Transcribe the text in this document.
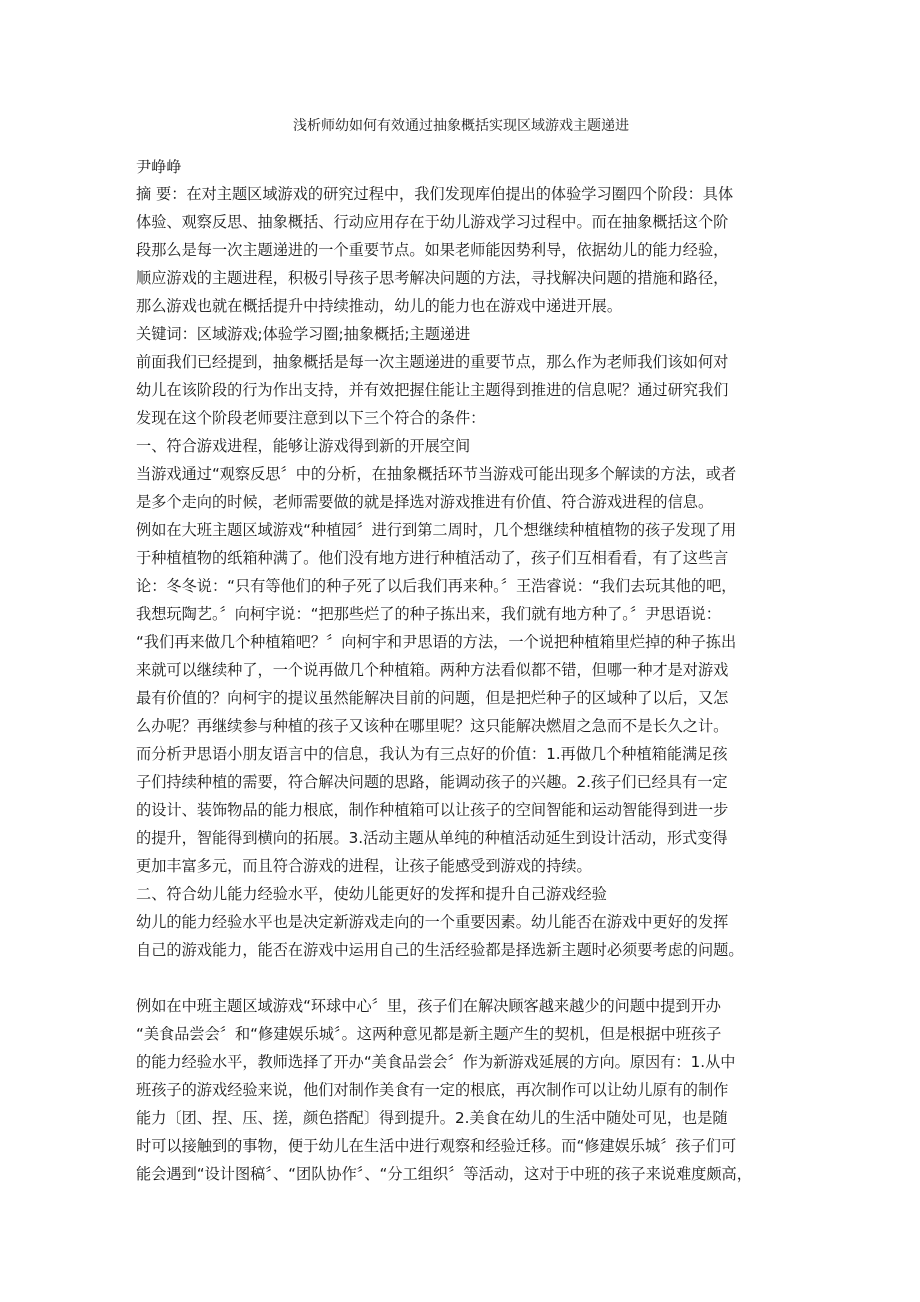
浅析师幼如何有效通过抽象概括实现区域游戏主题递进
尹峥峥
摘 要：在对主题区域游戏的研究过程中，我们发现库伯提出的体验学习圈四个阶段：具体
体验、观察反思、抽象概括、行动应用存在于幼儿游戏学习过程中。而在抽象概括这个阶
段那么是每一次主题递进的一个重要节点。如果老师能因势利导，依据幼儿的能力经验，
顺应游戏的主题进程，积极引导孩子思考解决问题的方法，寻找解决问题的措施和路径，
那么游戏也就在概括提升中持续推动，幼儿的能力也在游戏中递进开展。
关键词：区域游戏;体验学习圈;抽象概括;主题递进
前面我们已经提到，抽象概括是每一次主题递进的重要节点，那么作为老师我们该如何对
幼儿在该阶段的行为作出支持，并有效把握住能让主题得到推进的信息呢？通过研究我们
发现在这个阶段老师要注意到以下三个符合的条件：
一、符合游戏进程，能够让游戏得到新的开展空间
当游戏通过“观察反思〞中的分析，在抽象概括环节当游戏可能出现多个解读的方法，或者
是多个走向的时候，老师需要做的就是择选对游戏推进有价值、符合游戏进程的信息。
例如在大班主题区域游戏“种植园〞进行到第二周时，几个想继续种植植物的孩子发现了用
于种植植物的纸箱种满了。他们没有地方进行种植活动了，孩子们互相看看，有了这些言
论：冬冬说：“只有等他们的种子死了以后我们再来种。〞王浩睿说：“我们去玩其他的吧，
我想玩陶艺。〞向柯宇说：“把那些烂了的种子拣出来，我们就有地方种了。〞尹思语说：
“我们再来做几个种植箱吧？〞向柯宇和尹思语的方法，一个说把种植箱里烂掉的种子拣出
来就可以继续种了，一个说再做几个种植箱。两种方法看似都不错，但哪一种才是对游戏
最有价值的？向柯宇的提议虽然能解决目前的问题，但是把烂种子的区域种了以后，又怎
么办呢？再继续参与种植的孩子又该种在哪里呢？这只能解决燃眉之急而不是长久之计。
而分析尹思语小朋友语言中的信息，我认为有三点好的价值：1.再做几个种植箱能满足孩
子们持续种植的需要，符合解决问题的思路，能调动孩子的兴趣。2.孩子们已经具有一定
的设计、装饰物品的能力根底，制作种植箱可以让孩子的空间智能和运动智能得到进一步
的提升，智能得到横向的拓展。3.活动主题从单纯的种植活动延生到设计活动，形式变得
更加丰富多元，而且符合游戏的进程，让孩子能感受到游戏的持续。
二、符合幼儿能力经验水平，使幼儿能更好的发挥和提升自己游戏经验
幼儿的能力经验水平也是决定新游戏走向的一个重要因素。幼儿能否在游戏中更好的发挥
自己的游戏能力，能否在游戏中运用自己的生活经验都是择选新主题时必须要考虑的问题。
例如在中班主题区域游戏“环球中心〞里，孩子们在解决顾客越来越少的问题中提到开办
“美食品尝会〞和“修建娱乐城〞。这两种意见都是新主题产生的契机，但是根据中班孩子
的能力经验水平，教师选择了开办“美食品尝会〞作为新游戏延展的方向。原因有：1.从中
班孩子的游戏经验来说，他们对制作美食有一定的根底，再次制作可以让幼儿原有的制作
能力〔团、捏、压、搓，颜色搭配〕得到提升。2.美食在幼儿的生活中随处可见，也是随
时可以接触到的事物，便于幼儿在生活中进行观察和经验迁移。而“修建娱乐城〞孩子们可
能会遇到“设计图稿〞、“团队协作〞、“分工组织〞等活动，这对于中班的孩子来说难度颇高，
